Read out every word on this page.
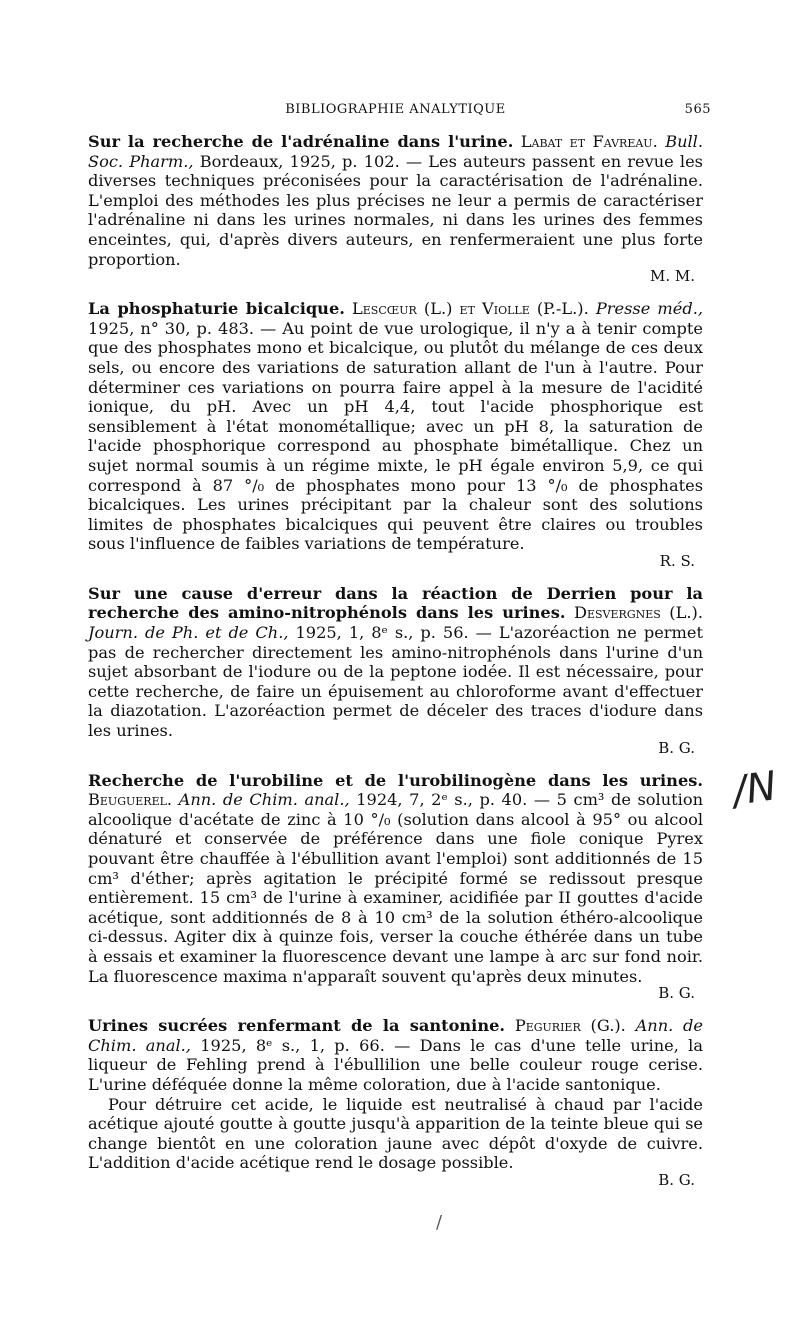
BIBLIOGRAPHIE ANALYTIQUE	565

Sur la recherche de l'adrénaline dans l'urine. Labat et Favreau. Bull. Soc. Pharm., Bordeaux, 1925, p. 102. — Les auteurs passent en revue les diverses techniques préconisées pour la caractérisation de l'adrénaline. L'emploi des méthodes les plus précises ne leur a permis de caractériser l'adrénaline ni dans les urines normales, ni dans les urines des femmes enceintes, qui, d'après divers auteurs, en renfermeraient une plus forte proportion.

M. M.

La phosphaturie bicalcique. Lescœur (L.) et Violle (P.-L.). Presse méd., 1925, n° 30, p. 483. — Au point de vue urologique, il n'y a à tenir compte que des phosphates mono et bicalcique, ou plutôt du mélange de ces deux sels, ou encore des variations de saturation allant de l'un à l'autre. Pour déterminer ces variations on pourra faire appel à la mesure de l'acidité ionique, du pH. Avec un pH 4,4, tout l'acide phosphorique est sensiblement à l'état monométallique; avec un pH 8, la saturation de l'acide phosphorique correspond au phosphate bimétallique. Chez un sujet normal soumis à un régime mixte, le pH égale environ 5,9, ce qui correspond à 87 °/₀ de phosphates mono pour 13 °/₀ de phosphates bicalciques. Les urines précipitant par la chaleur sont des solutions limites de phosphates bicalciques qui peuvent être claires ou troubles sous l'influence de faibles variations de température.

R. S.

Sur une cause d'erreur dans la réaction de Derrien pour la recherche des amino-nitrophénols dans les urines. Desvergnes (L.). Journ. de Ph. et de Ch., 1925, 1, 8ᵉ s., p. 56. — L'azoréaction ne permet pas de rechercher directement les amino-nitrophénols dans l'urine d'un sujet absorbant de l'iodure ou de la peptone iodée. Il est nécessaire, pour cette recherche, de faire un épuisement au chloroforme avant d'effectuer la diazotation. L'azoréaction permet de déceler des traces d'iodure dans les urines.

B. G.

Recherche de l'urobiline et de l'urobilinogène dans les urines. Beuguerel. Ann. de Chim. anal., 1924, 7, 2ᵉ s., p. 40. — 5 cm³ de solution alcoolique d'acétate de zinc à 10 °/₀ (solution dans alcool à 95° ou alcool dénaturé et conservée de préférence dans une fiole conique Pyrex pouvant être chauffée à l'ébullition avant l'emploi) sont additionnés de 15 cm³ d'éther; après agitation le précipité formé se redissout presque entièrement. 15 cm³ de l'urine à examiner, acidifiée par II gouttes d'acide acétique, sont additionnés de 8 à 10 cm³ de la solution éthéro-alcoolique ci-dessus. Agiter dix à quinze fois, verser la couche éthérée dans un tube à essais et examiner la fluorescence devant une lampe à arc sur fond noir. La fluorescence maxima n'apparaît souvent qu'après deux minutes.

B. G.

Urines sucrées renfermant de la santonine. Pegurier (G.). Ann. de Chim. anal., 1925, 8ᵉ s., 1, p. 66. — Dans le cas d'une telle urine, la liqueur de Fehling prend à l'ébullilion une belle couleur rouge cerise. L'urine déféquée donne la même coloration, due à l'acide santonique.

Pour détruire cet acide, le liquide est neutralisé à chaud par l'acide acétique ajouté goutte à goutte jusqu'à apparition de la teinte bleue qui se change bientôt en une coloration jaune avec dépôt d'oxyde de cuivre. L'addition d'acide acétique rend le dosage possible.

B. G.
/N
/
